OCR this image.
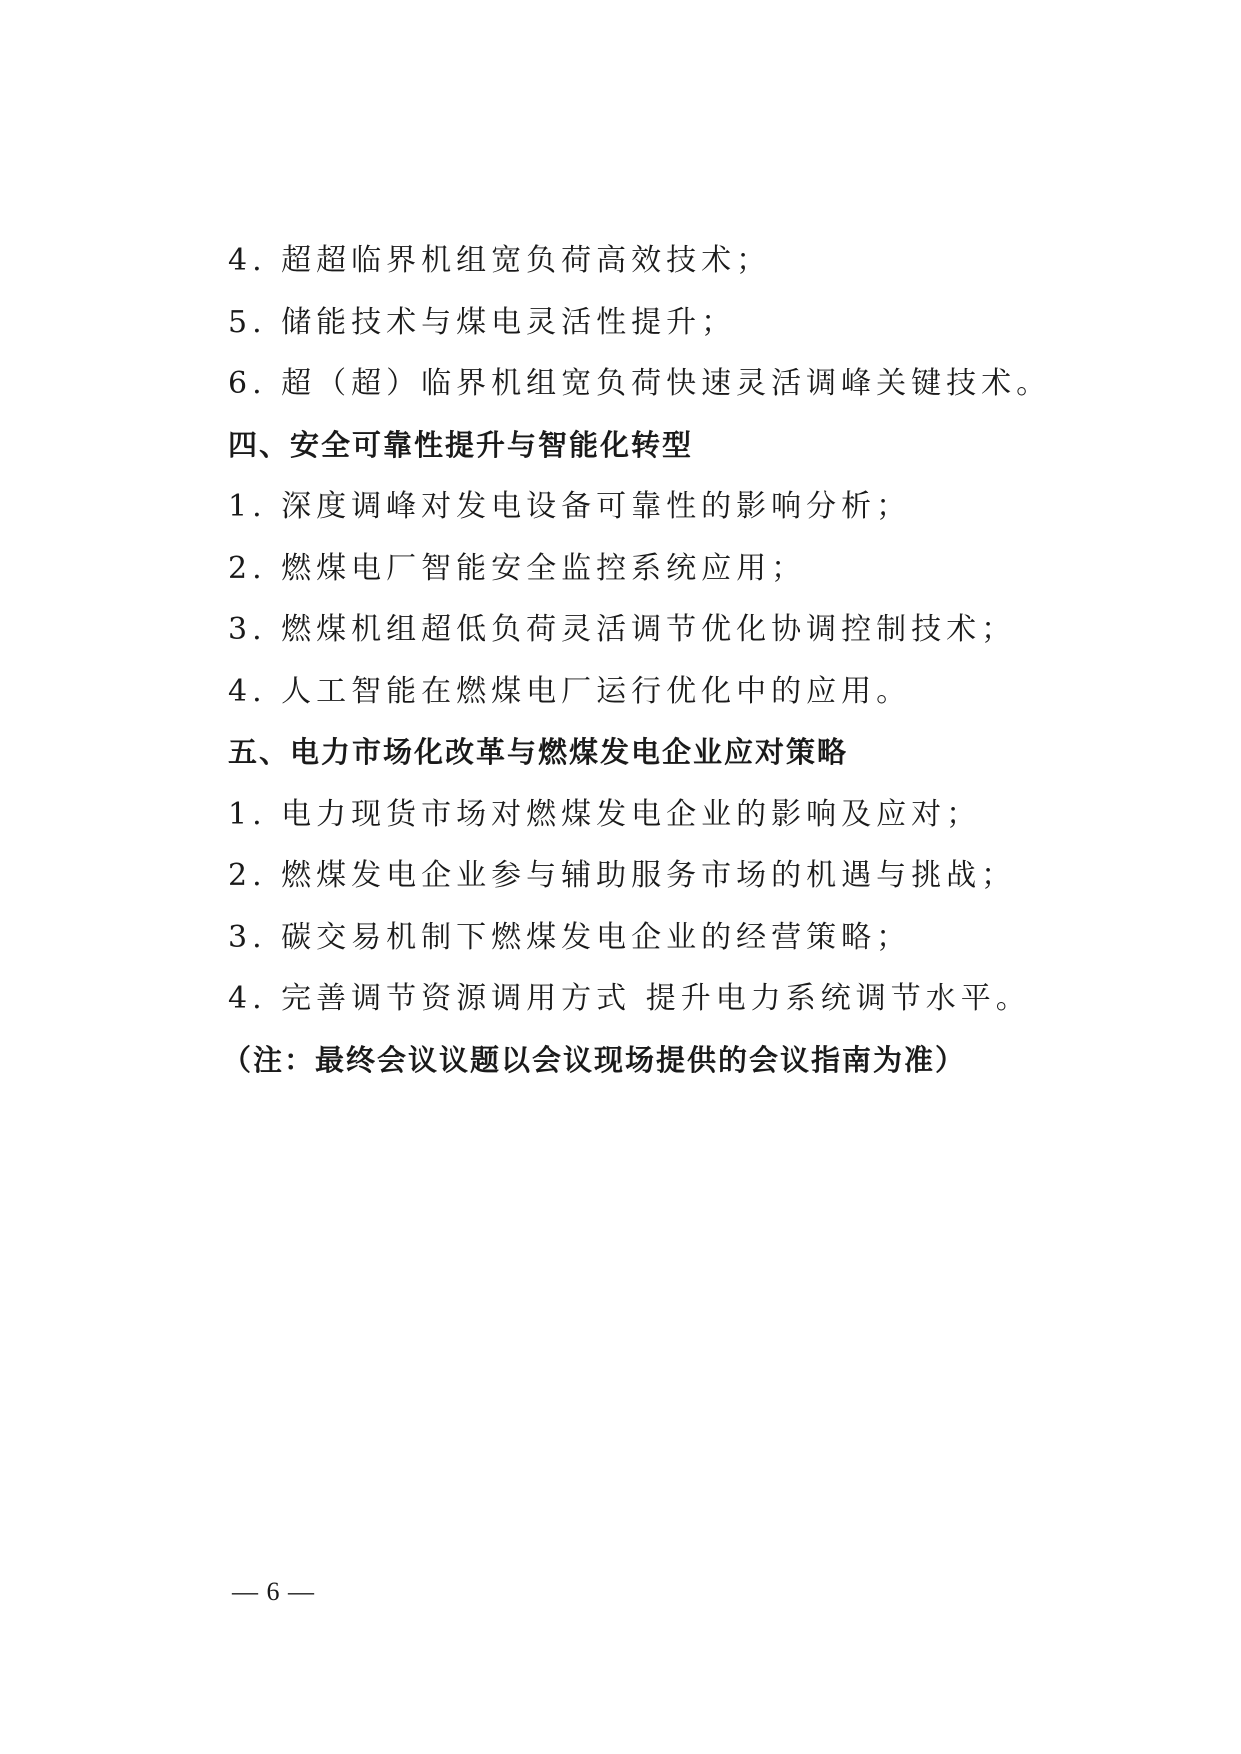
4. 超超临界机组宽负荷高效技术；
5. 储能技术与煤电灵活性提升；
6. 超（超）临界机组宽负荷快速灵活调峰关键技术。
四、安全可靠性提升与智能化转型
1. 深度调峰对发电设备可靠性的影响分析；
2. 燃煤电厂智能安全监控系统应用；
3. 燃煤机组超低负荷灵活调节优化协调控制技术；
4. 人工智能在燃煤电厂运行优化中的应用。
五、电力市场化改革与燃煤发电企业应对策略
1. 电力现货市场对燃煤发电企业的影响及应对；
2. 燃煤发电企业参与辅助服务市场的机遇与挑战；
3. 碳交易机制下燃煤发电企业的经营策略；
4. 完善调节资源调用方式 提升电力系统调节水平。
（注：最终会议议题以会议现场提供的会议指南为准）
— 6 —
